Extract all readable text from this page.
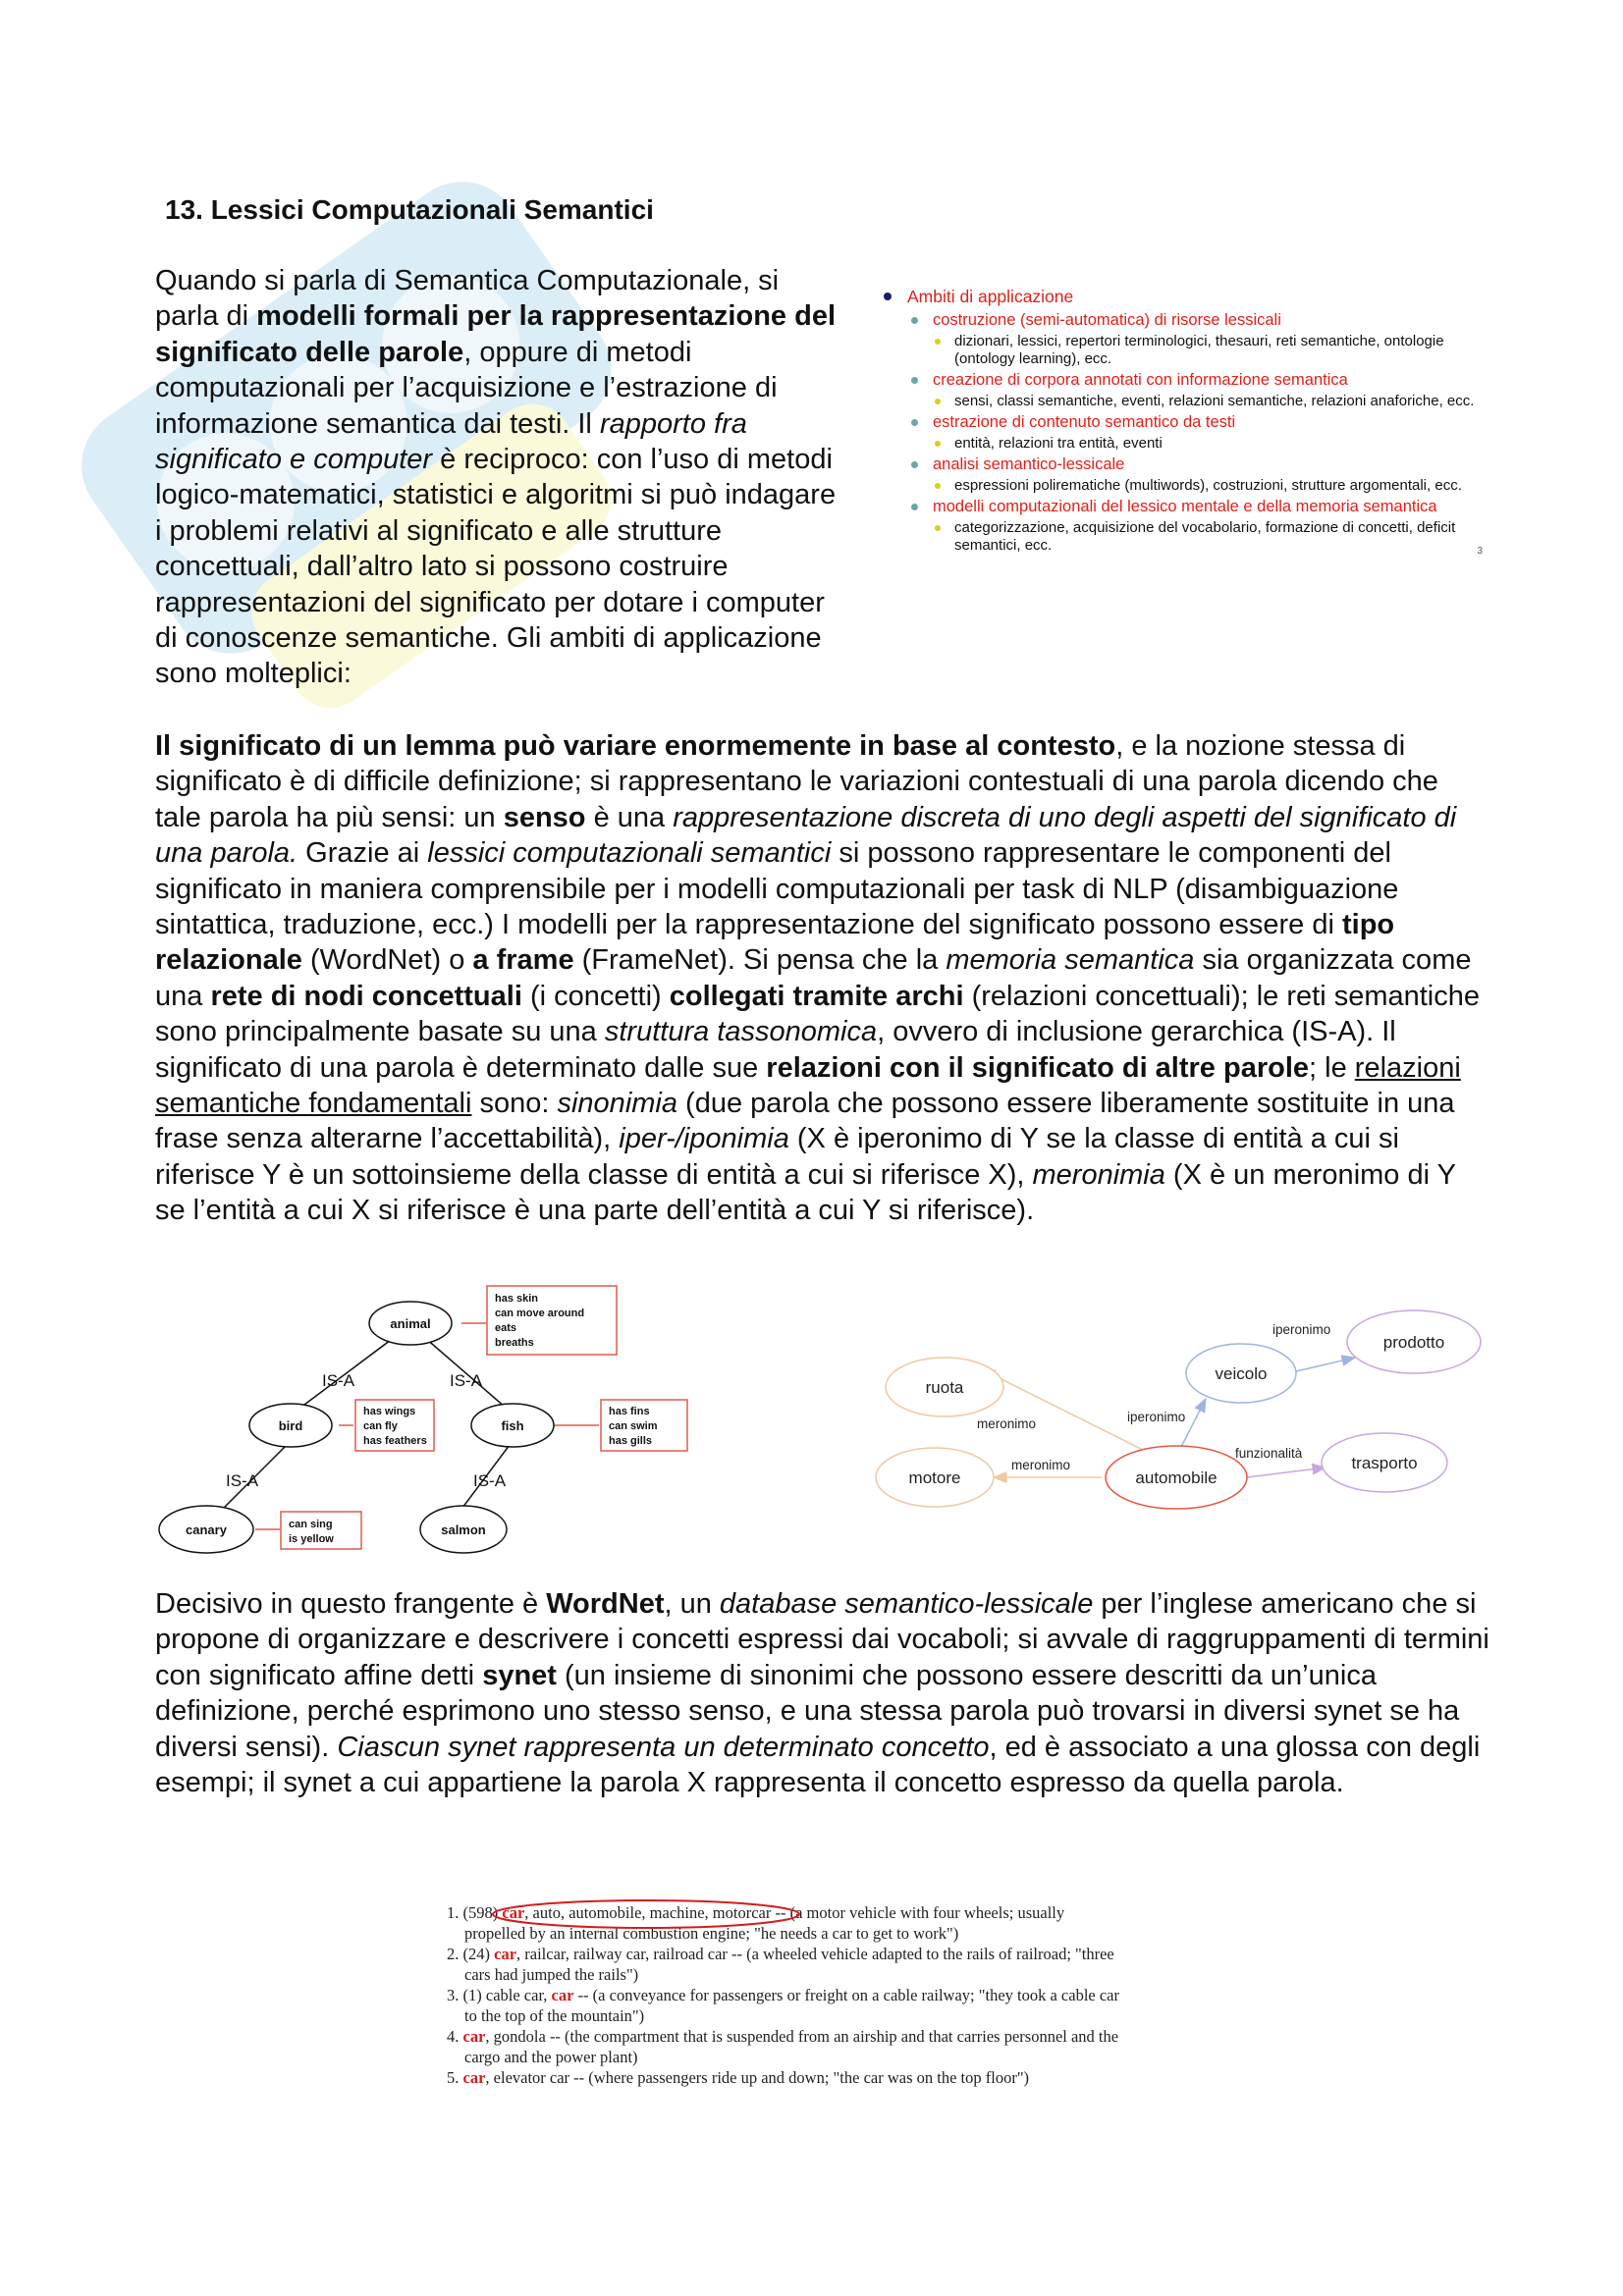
13. Lessici Computazionali Semantici

Quando si parla di Semantica Computazionale, si parla di modelli formali per la rappresentazione del significato delle parole, oppure di metodi computazionali per l’acquisizione e l’estrazione di informazione semantica dai testi. Il rapporto fra significato e computer è reciproco: con l’uso di metodi logico-matematici, statistici e algoritmi si può indagare i problemi relativi al significato e alle strutture concettuali, dall’altro lato si possono costruire rappresentazioni del significato per dotare i computer di conoscenze semantiche. Gli ambiti di applicazione sono molteplici:

Ambiti di applicazione

costruzione (semi-automatica) di risorse lessicali

dizionari, lessici, repertori terminologici, thesauri, reti semantiche, ontologie (ontology learning), ecc.

creazione di corpora annotati con informazione semantica

sensi, classi semantiche, eventi, relazioni semantiche, relazioni anaforiche, ecc.

estrazione di contenuto semantico da testi

entità, relazioni tra entità, eventi

analisi semantico-lessicale

espressioni polirematiche (multiwords), costruzioni, strutture argomentali, ecc.

modelli computazionali del lessico mentale e della memoria semantica

categorizzazione, acquisizione del vocabolario, formazione di concetti, deficit semantici, ecc.	3

Il significato di un lemma può variare enormemente in base al contesto, e la nozione stessa di significato è di difficile definizione; si rappresentano le variazioni contestuali di una parola dicendo che tale parola ha più sensi: un senso è una rappresentazione discreta di uno degli aspetti del significato di una parola. Grazie ai lessici computazionali semantici si possono rappresentare le componenti del significato in maniera comprensibile per i modelli computazionali per task di NLP (disambiguazione sintattica, traduzione, ecc.) I modelli per la rappresentazione del significato possono essere di tipo relazionale (WordNet) o a frame (FrameNet). Si pensa che la memoria semantica sia organizzata come una rete di nodi concettuali (i concetti) collegati tramite archi (relazioni concettuali); le reti semantiche sono principalmente basate su una struttura tassonomica, ovvero di inclusione gerarchica (IS-A). Il significato di una parola è determinato dalle sue relazioni con il significato di altre parole; le relazioni semantiche fondamentali sono: sinonimia (due parola che possono essere liberamente sostituite in una frase senza alterarne l’accettabilità), iper-/iponimia (X è iperonimo di Y se la classe di entità a cui si riferisce Y è un sottoinsieme della classe di entità a cui si riferisce X), meronimia (X è un meronimo di Y se l’entità a cui X si riferisce è una parte dell’entità a cui Y si riferisce).

animal
bird	fish
canary	salmon
IS-A	IS-A
IS-A	IS-A
has skin
can move around
eats
breaths
has wings
can fly
has feathers
has fins
can swim
has gills
can sing
is yellow
ruota
motore	automobile
veicolo
prodotto
trasporto
meronimo
meronimo
iperonimo
iperonimo
funzionalità

Decisivo in questo frangente è WordNet, un database semantico-lessicale per l’inglese americano che si propone di organizzare e descrivere i concetti espressi dai vocaboli; si avvale di raggruppamenti di termini con significato affine detti synet (un insieme di sinonimi che possono essere descritti da un’unica definizione, perché esprimono uno stesso senso, e una stessa parola può trovarsi in diversi synet se ha diversi sensi). Ciascun synet rappresenta un determinato concetto, ed è associato a una glossa con degli esempi; il synet a cui appartiene la parola X rappresenta il concetto espresso da quella parola.

1. (598) car, auto, automobile, machine, motorcar -- (a motor vehicle with four wheels; usually
propelled by an internal combustion engine; "he needs a car to get to work")
2. (24) car, railcar, railway car, railroad car -- (a wheeled vehicle adapted to the rails of railroad; "three
cars had jumped the rails")
3. (1) cable car, car -- (a conveyance for passengers or freight on a cable railway; "they took a cable car
to the top of the mountain")
4. car, gondola -- (the compartment that is suspended from an airship and that carries personnel and the
cargo and the power plant)
5. car, elevator car -- (where passengers ride up and down; "the car was on the top floor")
